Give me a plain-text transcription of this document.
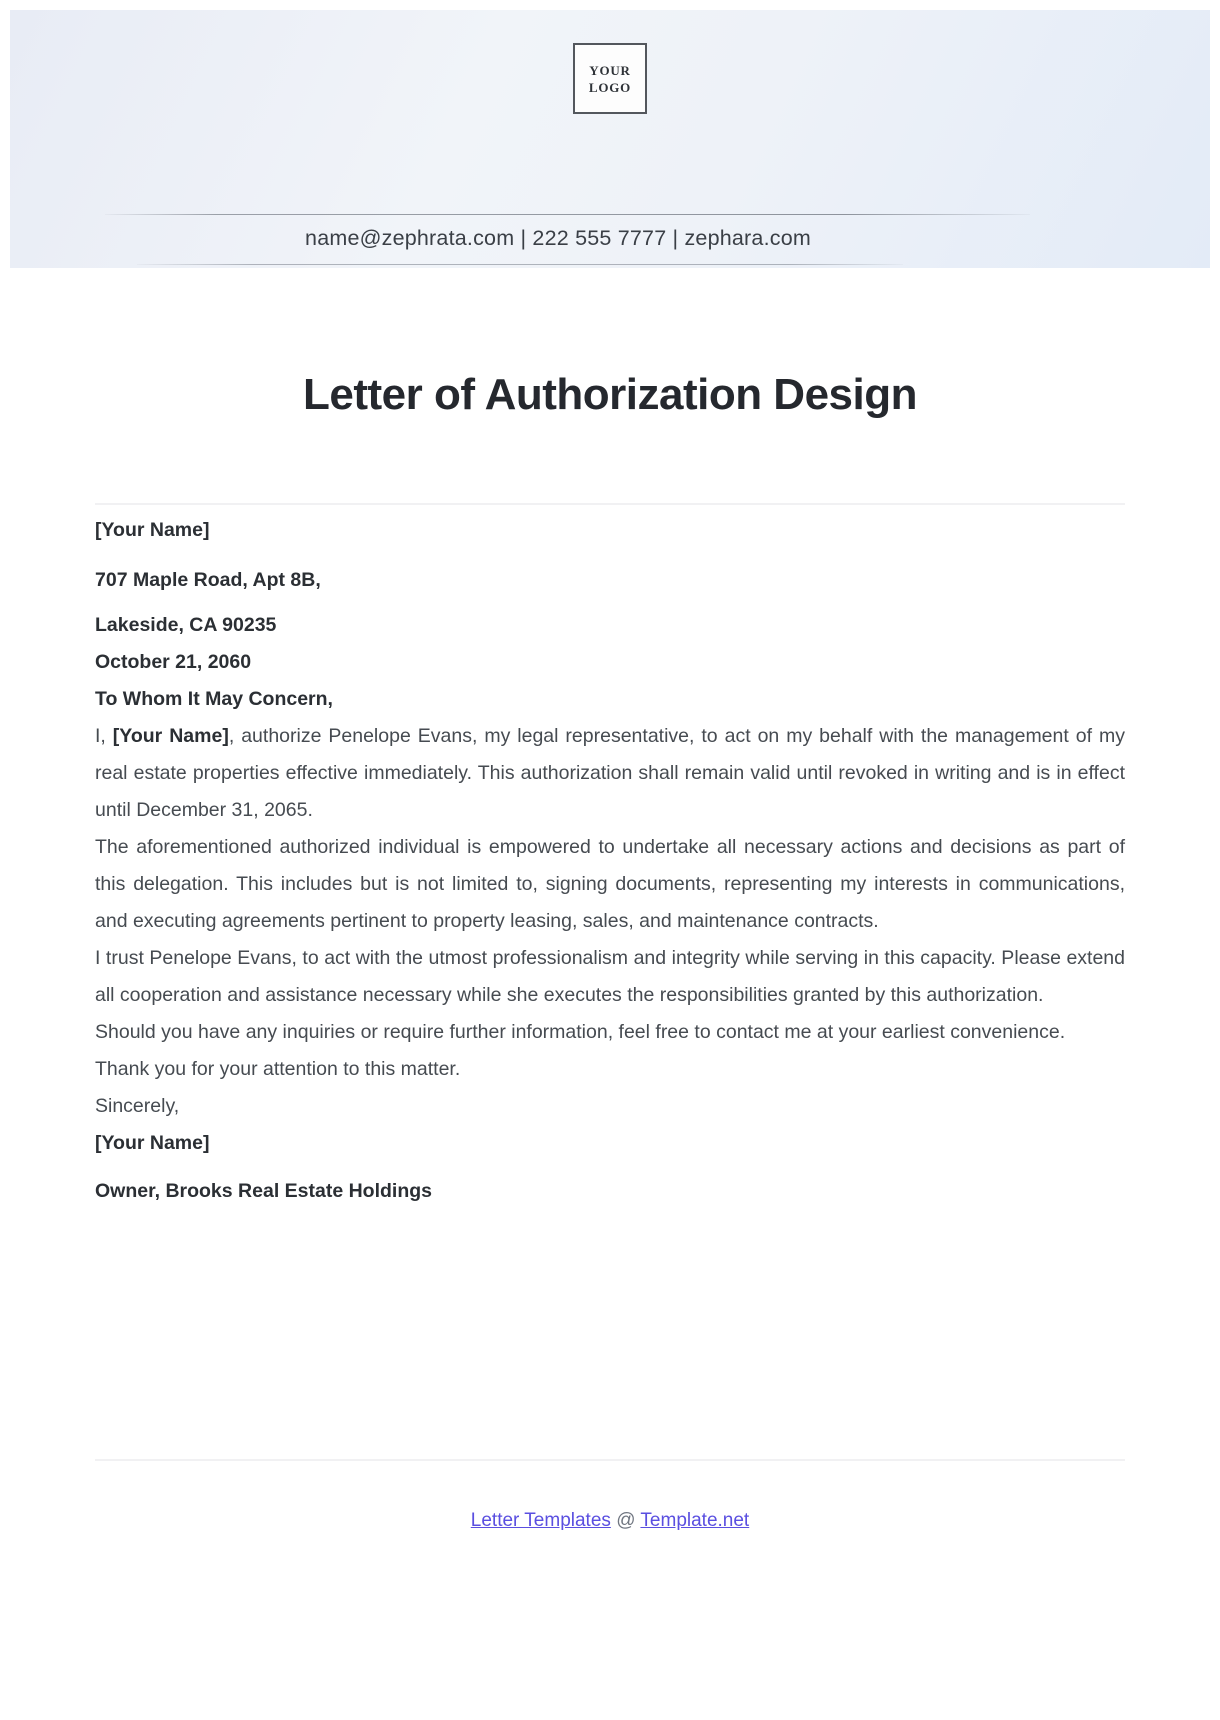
YOUR
LOGO
name@zephrata.com | 222 555 7777 | zephara.com
Letter of Authorization Design

[Your Name]

707 Maple Road, Apt 8B,

Lakeside, CA 90235

October 21, 2060

To Whom It May Concern,

I, [Your Name], authorize Penelope Evans, my legal representative, to act on my behalf with the management of my real estate properties effective immediately. This authorization shall remain valid until revoked in writing and is in effect until December 31, 2065.

The aforementioned authorized individual is empowered to undertake all necessary actions and decisions as part of this delegation. This includes but is not limited to, signing documents, representing my interests in communications, and executing agreements pertinent to property leasing, sales, and maintenance contracts.

I trust Penelope Evans, to act with the utmost professionalism and integrity while serving in this capacity. Please extend all cooperation and assistance necessary while she executes the responsibilities granted by this authorization.

Should you have any inquiries or require further information, feel free to contact me at your earliest convenience.

Thank you for your attention to this matter.

Sincerely,

[Your Name]

Owner, Brooks Real Estate Holdings

Letter Templates @ Template.net
